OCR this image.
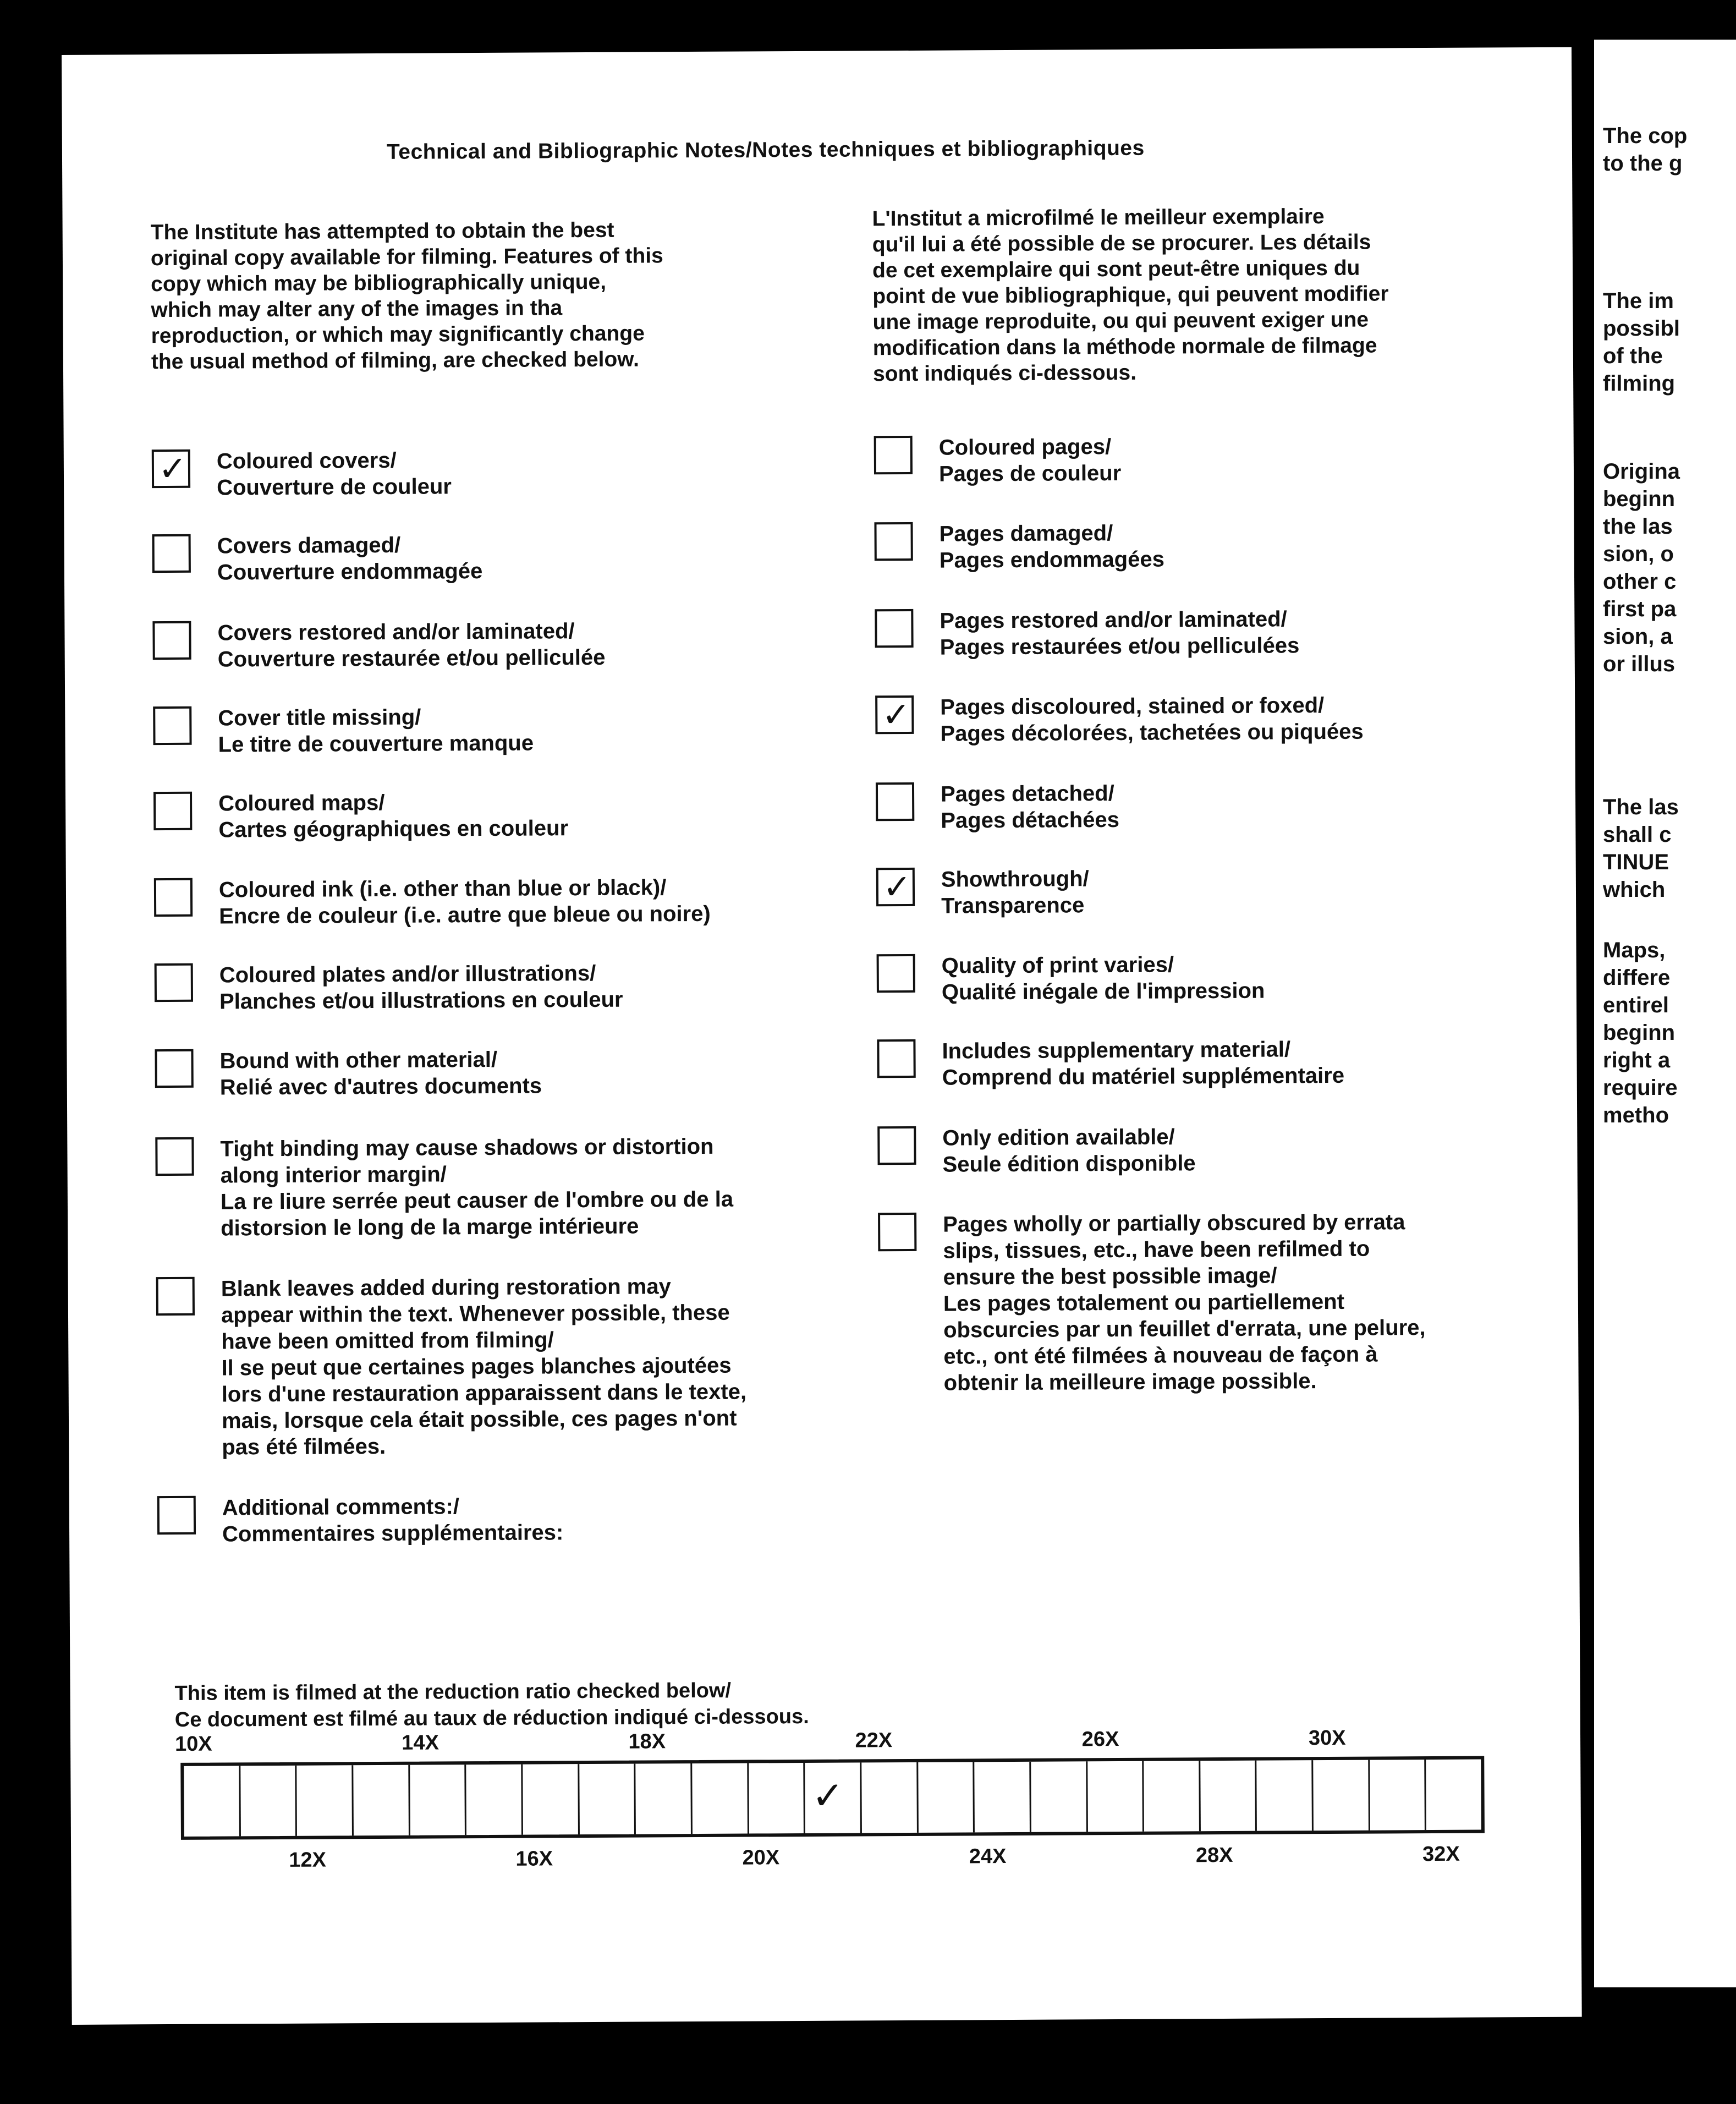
Technical and Bibliographic Notes/Notes techniques et bibliographiques
The Institute has attempted to obtain the best
original copy available for filming. Features of this
copy which may be bibliographically unique,
which may alter any of the images in tha
reproduction, or which may significantly change
the usual method of filming, are checked below.
L'Institut a microfilmé le meilleur exemplaire
qu'il lui a été possible de se procurer. Les détails
de cet exemplaire qui sont peut-être uniques du
point de vue bibliographique, qui peuvent modifier
une image reproduite, ou qui peuvent exiger une
modification dans la méthode normale de filmage
sont indiqués ci-dessous.
✓ Coloured covers/
Couverture de couleur
Covers damaged/
Couverture endommagée
Covers restored and/or laminated/
Couverture restaurée et/ou pelliculée
Cover title missing/
Le titre de couverture manque
Coloured maps/
Cartes géographiques en couleur
Coloured ink (i.e. other than blue or black)/
Encre de couleur (i.e. autre que bleue ou noire)
Coloured plates and/or illustrations/
Planches et/ou illustrations en couleur
Bound with other material/
Relié avec d'autres documents
Tight binding may cause shadows or distortion
along interior margin/
La re liure serrée peut causer de l'ombre ou de la
distorsion le long de la marge intérieure
Blank leaves added during restoration may
appear within the text. Whenever possible, these
have been omitted from filming/
Il se peut que certaines pages blanches ajoutées
lors d'une restauration apparaissent dans le texte,
mais, lorsque cela était possible, ces pages n'ont
pas été filmées.
Additional comments:/
Commentaires supplémentaires:
Coloured pages/
Pages de couleur
Pages damaged/
Pages endommagées
Pages restored and/or laminated/
Pages restaurées et/ou pelliculées
✓ Pages discoloured, stained or foxed/
Pages décolorées, tachetées ou piquées
Pages detached/
Pages détachées
✓ Showthrough/
Transparence
Quality of print varies/
Qualité inégale de l'impression
Includes supplementary material/
Comprend du matériel supplémentaire
Only edition available/
Seule édition disponible
Pages wholly or partially obscured by errata
slips, tissues, etc., have been refilmed to
ensure the best possible image/
Les pages totalement ou partiellement
obscurcies par un feuillet d'errata, une pelure,
etc., ont été filmées à nouveau de façon à
obtenir la meilleure image possible.
This item is filmed at the reduction ratio checked below/
Ce document est filmé au taux de réduction indiqué ci-dessous.
10X	14X	18X	22X	26X	30X
✓
12X	16X	20X	24X	28X	32X
The cop
to the g
The im
possibl
of the
filming
Origina
beginn
the las
sion, o
other c
first pa
sion, a
or illus
The las
shall c
TINUE
which
Maps,
differe
entirel
beginn
right a
require
metho
